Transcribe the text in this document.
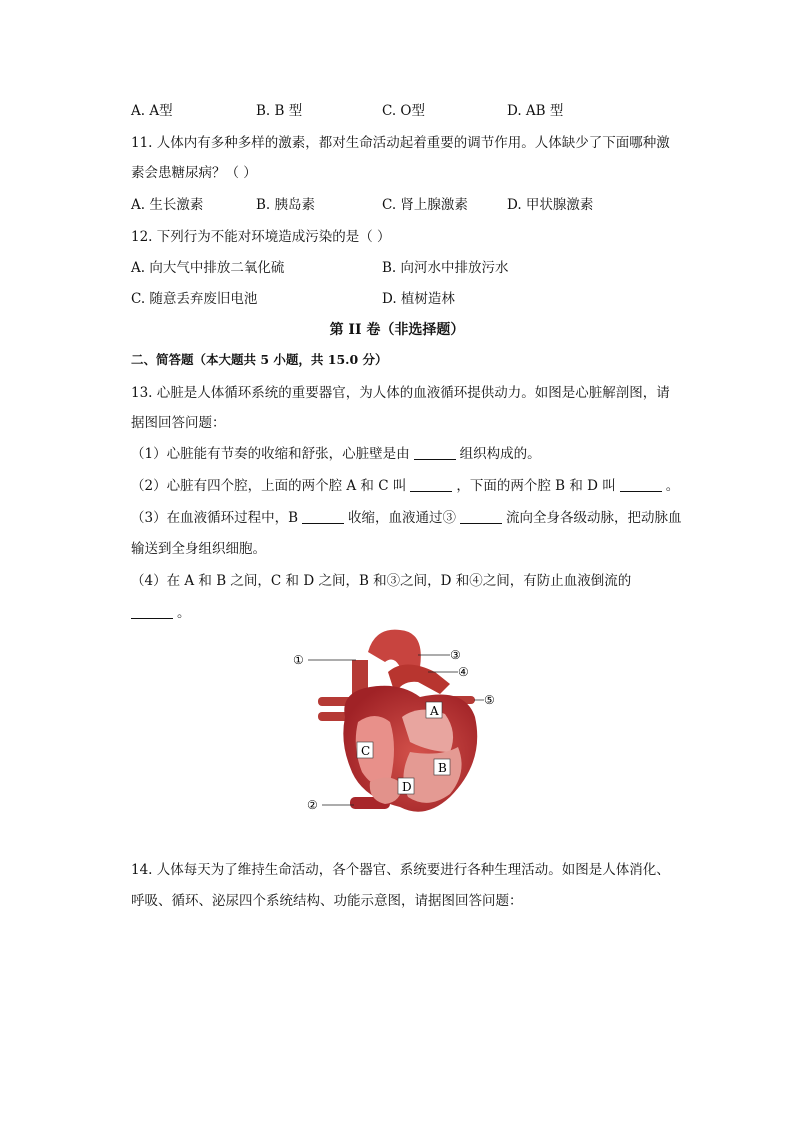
A. A型	B. B 型	C. O型	D. AB 型
11. 人体内有多种多样的激素，都对生命活动起着重要的调节作用。人体缺少了下面哪种激
素会患糖尿病？（ ）
A. 生长激素	B. 胰岛素	C. 肾上腺激素	D. 甲状腺激素
12. 下列行为不能对环境造成污染的是（ ）
A. 向大气中排放二氧化硫	B. 向河水中排放污水
C. 随意丢弃废旧电池	D. 植树造林
第 II 卷（非选择题）
二、简答题（本大题共 5 小题，共 15.0 分）
13. 心脏是人体循环系统的重要器官，为人体的血液循环提供动力。如图是心脏解剖图，请
据图回答问题：
（1）心脏能有节奏的收缩和舒张，心脏壁是由	组织构成的。
（2）心脏有四个腔，上面的两个腔 A 和 C 叫	，下面的两个腔 B 和 D 叫	。
（3）在血液循环过程中，B	收缩，血液通过③	流向全身各级动脉，把动脉血
输送到全身组织细胞。
（4）在 A 和 B 之间，C 和 D 之间，B 和③之间，D 和④之间，有防止血液倒流的
。
A
B
C
D
①	③
④
⑤
②
14. 人体每天为了维持生命活动，各个器官、系统要进行各种生理活动。如图是人体消化、
呼吸、循环、泌尿四个系统结构、功能示意图，请据图回答问题：
